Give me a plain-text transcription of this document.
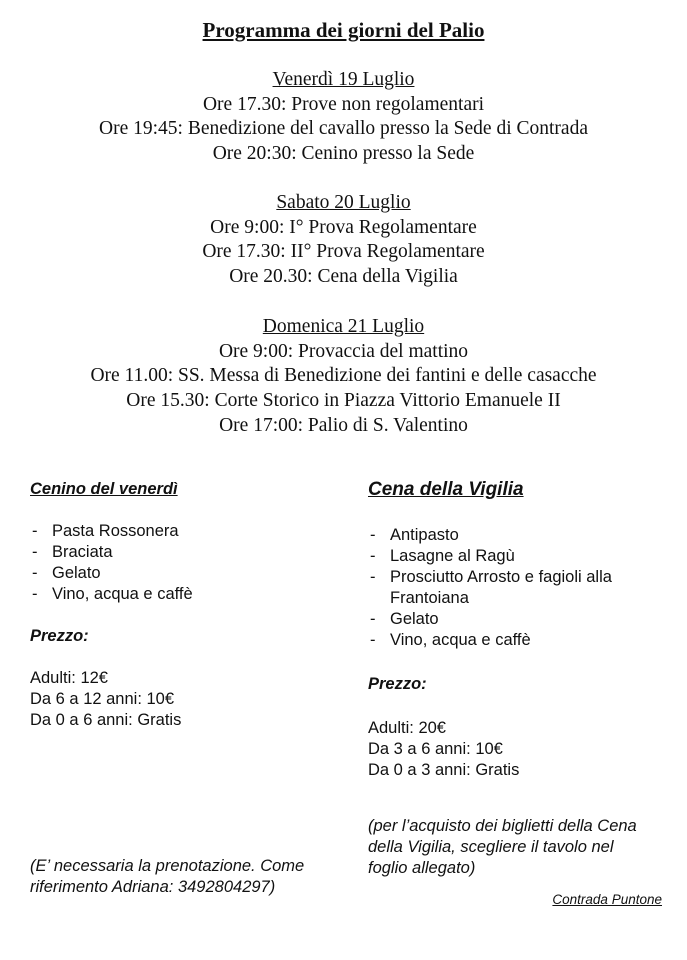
Programma dei giorni del Palio
Venerdì 19 Luglio
Ore 17.30: Prove non regolamentari
Ore 19:45: Benedizione del cavallo presso la Sede di Contrada
Ore 20:30: Cenino presso la Sede
Sabato 20 Luglio
Ore 9:00: I° Prova Regolamentare
Ore 17.30: II° Prova Regolamentare
Ore 20.30: Cena della Vigilia
Domenica 21 Luglio
Ore 9:00: Provaccia del mattino
Ore 11.00: SS. Messa di Benedizione dei fantini e delle casacche
Ore 15.30: Corte Storico in Piazza Vittorio Emanuele II
Ore 17:00: Palio di S. Valentino
Cenino del venerdì
- Pasta Rossonera
- Braciata
- Gelato
- Vino, acqua e caffè
Prezzo:
Adulti: 12€
Da 6 a 12 anni: 10€
Da 0 a 6 anni: Gratis
(E’ necessaria la prenotazione. Come
riferimento Adriana: 3492804297)
Cena della Vigilia
- Antipasto
- Lasagne al Ragù
- Prosciutto Arrosto e fagioli alla Frantoiana
- Gelato
- Vino, acqua e caffè
Prezzo:
Adulti: 20€
Da 3 a 6 anni: 10€
Da 0 a 3 anni: Gratis
(per l’acquisto dei biglietti della Cena
della Vigilia, scegliere il tavolo nel
foglio allegato)
Contrada Puntone
